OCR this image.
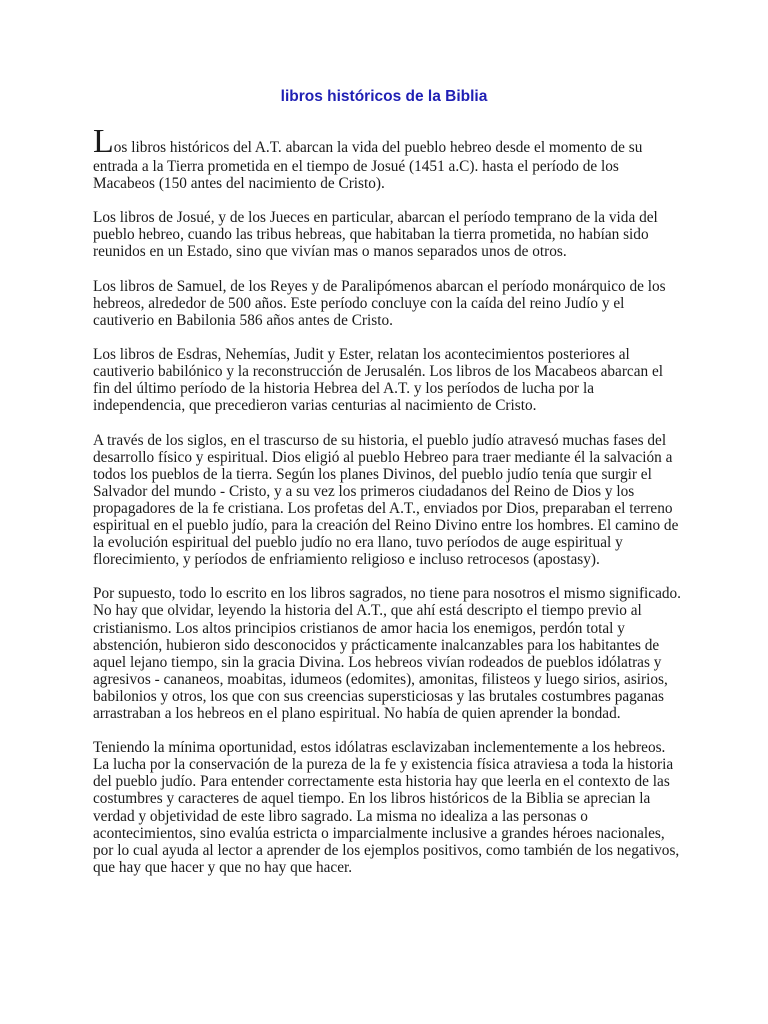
libros históricos de la Biblia

Los libros históricos del A.T. abarcan la vida del pueblo hebreo desde el momento de su
entrada a la Tierra prometida en el tiempo de Josué (1451 a.C). hasta el período de los Macabeos (150 antes del nacimiento de Cristo).

Los libros de Josué, y de los Jueces en particular, abarcan el período temprano de la vida del pueblo hebreo, cuando las tribus hebreas, que habitaban la tierra prometida, no habían sido reunidos en un Estado, sino que vivían mas o manos separados unos de otros.

Los libros de Samuel, de los Reyes y de Paralipómenos abarcan el período monárquico de los hebreos, alrededor de 500 años. Este período concluye con la caída del reino Judío y el cautiverio en Babilonia 586 años antes de Cristo.

Los libros de Esdras, Nehemías, Judit y Ester, relatan los acontecimientos posteriores al cautiverio babilónico y la reconstrucción de Jerusalén. Los libros de los Macabeos abarcan el fin del último período de la historia Hebrea del A.T. y los períodos de lucha por la independencia, que precedieron varias centurias al nacimiento de Cristo.

A través de los siglos, en el trascurso de su historia, el pueblo judío atravesó muchas fases del desarrollo físico y espiritual. Dios eligió al pueblo Hebreo para traer mediante él la salvación a todos los pueblos de la tierra. Según los planes Divinos, del pueblo judío tenía que surgir el Salvador del mundo - Cristo, y a su vez los primeros ciudadanos del Reino de Dios y los propagadores de la fe cristiana. Los profetas del A.T., enviados por Dios, preparaban el terreno espiritual en el pueblo judío, para la creación del Reino Divino entre los hombres. El camino de la evolución espiritual del pueblo judío no era llano, tuvo períodos de auge espiritual y florecimiento, y períodos de enfriamiento religioso e incluso retrocesos (apostasy).

Por supuesto, todo lo escrito en los libros sagrados, no tiene para nosotros el mismo significado. No hay que olvidar, leyendo la historia del A.T., que ahí está descripto el tiempo previo al cristianismo. Los altos principios cristianos de amor hacia los enemigos, perdón total y abstención, hubieron sido desconocidos y prácticamente inalcanzables para los habitantes de aquel lejano tiempo, sin la gracia Divina. Los hebreos vivían rodeados de pueblos idólatras y agresivos - cananeos, moabitas, idumeos (edomites), amonitas, filisteos y luego sirios, asirios, babilonios y otros, los que con sus creencias supersticiosas y las brutales costumbres paganas arrastraban a los hebreos en el plano espiritual. No había de quien aprender la bondad.

Teniendo la mínima oportunidad, estos idólatras esclavizaban inclementemente a los hebreos. La lucha por la conservación de la pureza de la fe y existencia física atraviesa a toda la historia del pueblo judío. Para entender correctamente esta historia hay que leerla en el contexto de las costumbres y caracteres de aquel tiempo. En los libros históricos de la Biblia se aprecian la verdad y objetividad de este libro sagrado. La misma no idealiza a las personas o acontecimientos, sino evalúa estricta o imparcialmente inclusive a grandes héroes nacionales, por lo cual ayuda al lector a aprender de los ejemplos positivos, como también de los negativos, que hay que hacer y que no hay que hacer.
